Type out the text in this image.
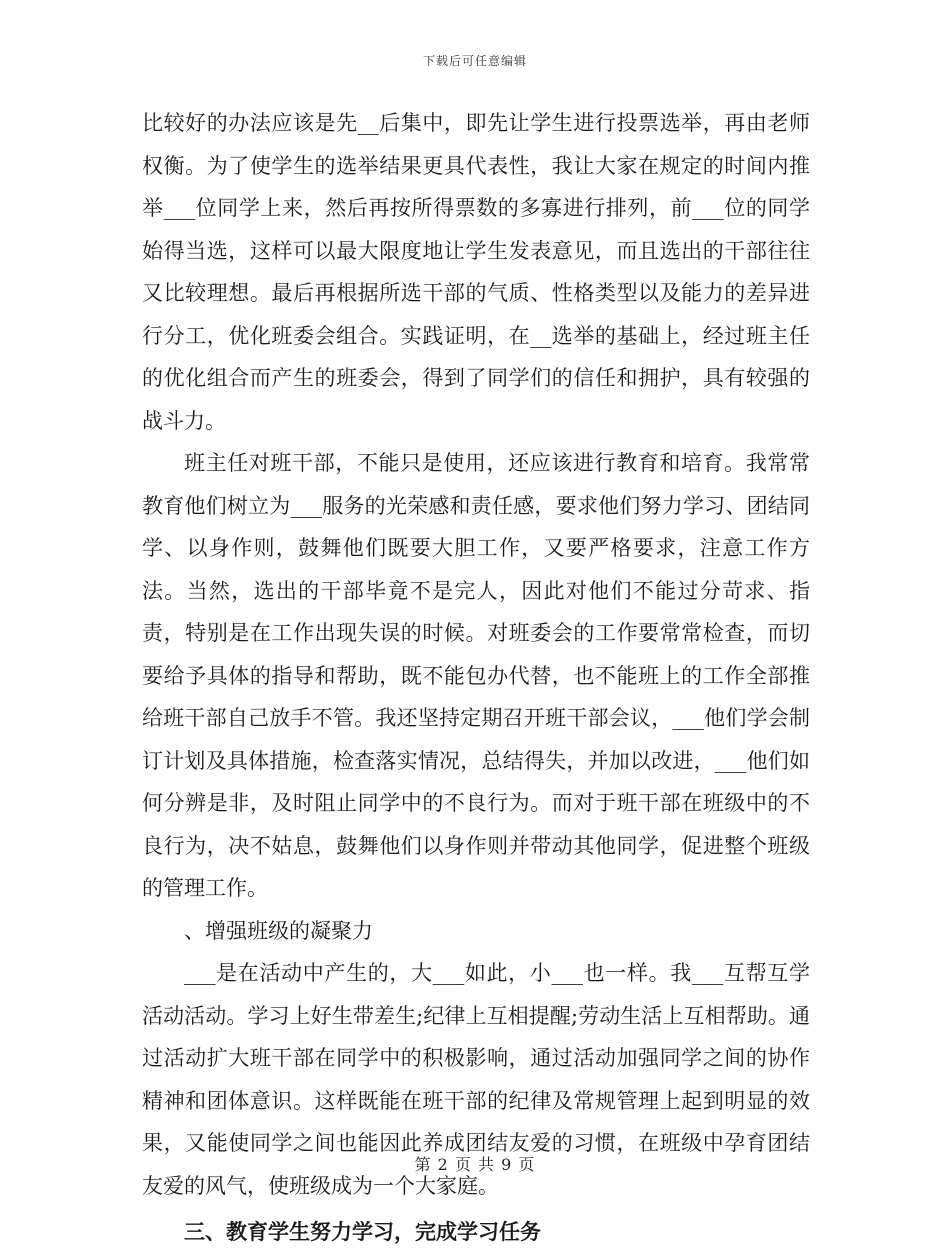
下载后可任意编辑

比较好的办法应该是先__后集中，即先让学生进行投票选举，再由老师权衡。为了使学生的选举结果更具代表性，我让大家在规定的时间内推举___位同学上来，然后再按所得票数的多寡进行排列，前___位的同学始得当选，这样可以最大限度地让学生发表意见，而且选出的干部往往又比较理想。最后再根据所选干部的气质、性格类型以及能力的差异进行分工，优化班委会组合。实践证明，在__选举的基础上，经过班主任的优化组合而产生的班委会，得到了同学们的信任和拥护，具有较强的战斗力。

班主任对班干部，不能只是使用，还应该进行教育和培育。我常常教育他们树立为___服务的光荣感和责任感，要求他们努力学习、团结同学、以身作则，鼓舞他们既要大胆工作，又要严格要求，注意工作方法。当然，选出的干部毕竟不是完人，因此对他们不能过分苛求、指责，特别是在工作出现失误的时候。对班委会的工作要常常检查，而切要给予具体的指导和帮助，既不能包办代替，也不能班上的工作全部推给班干部自己放手不管。我还坚持定期召开班干部会议，___他们学会制订计划及具体措施，检查落实情况，总结得失，并加以改进，___他们如何分辨是非，及时阻止同学中的不良行为。而对于班干部在班级中的不良行为，决不姑息，鼓舞他们以身作则并带动其他同学，促进整个班级的管理工作。

、增强班级的凝聚力

___是在活动中产生的，大___如此，小___也一样。我___互帮互学活动活动。学习上好生带差生;纪律上互相提醒;劳动生活上互相帮助。通过活动扩大班干部在同学中的积极影响，通过活动加强同学之间的协作精神和团体意识。这样既能在班干部的纪律及常规管理上起到明显的效果，又能使同学之间也能因此养成团结友爱的习惯，在班级中孕育团结友爱的风气，使班级成为一个大家庭。

三、教育学生努力学习，完成学习任务

第 2 页 共 9 页
